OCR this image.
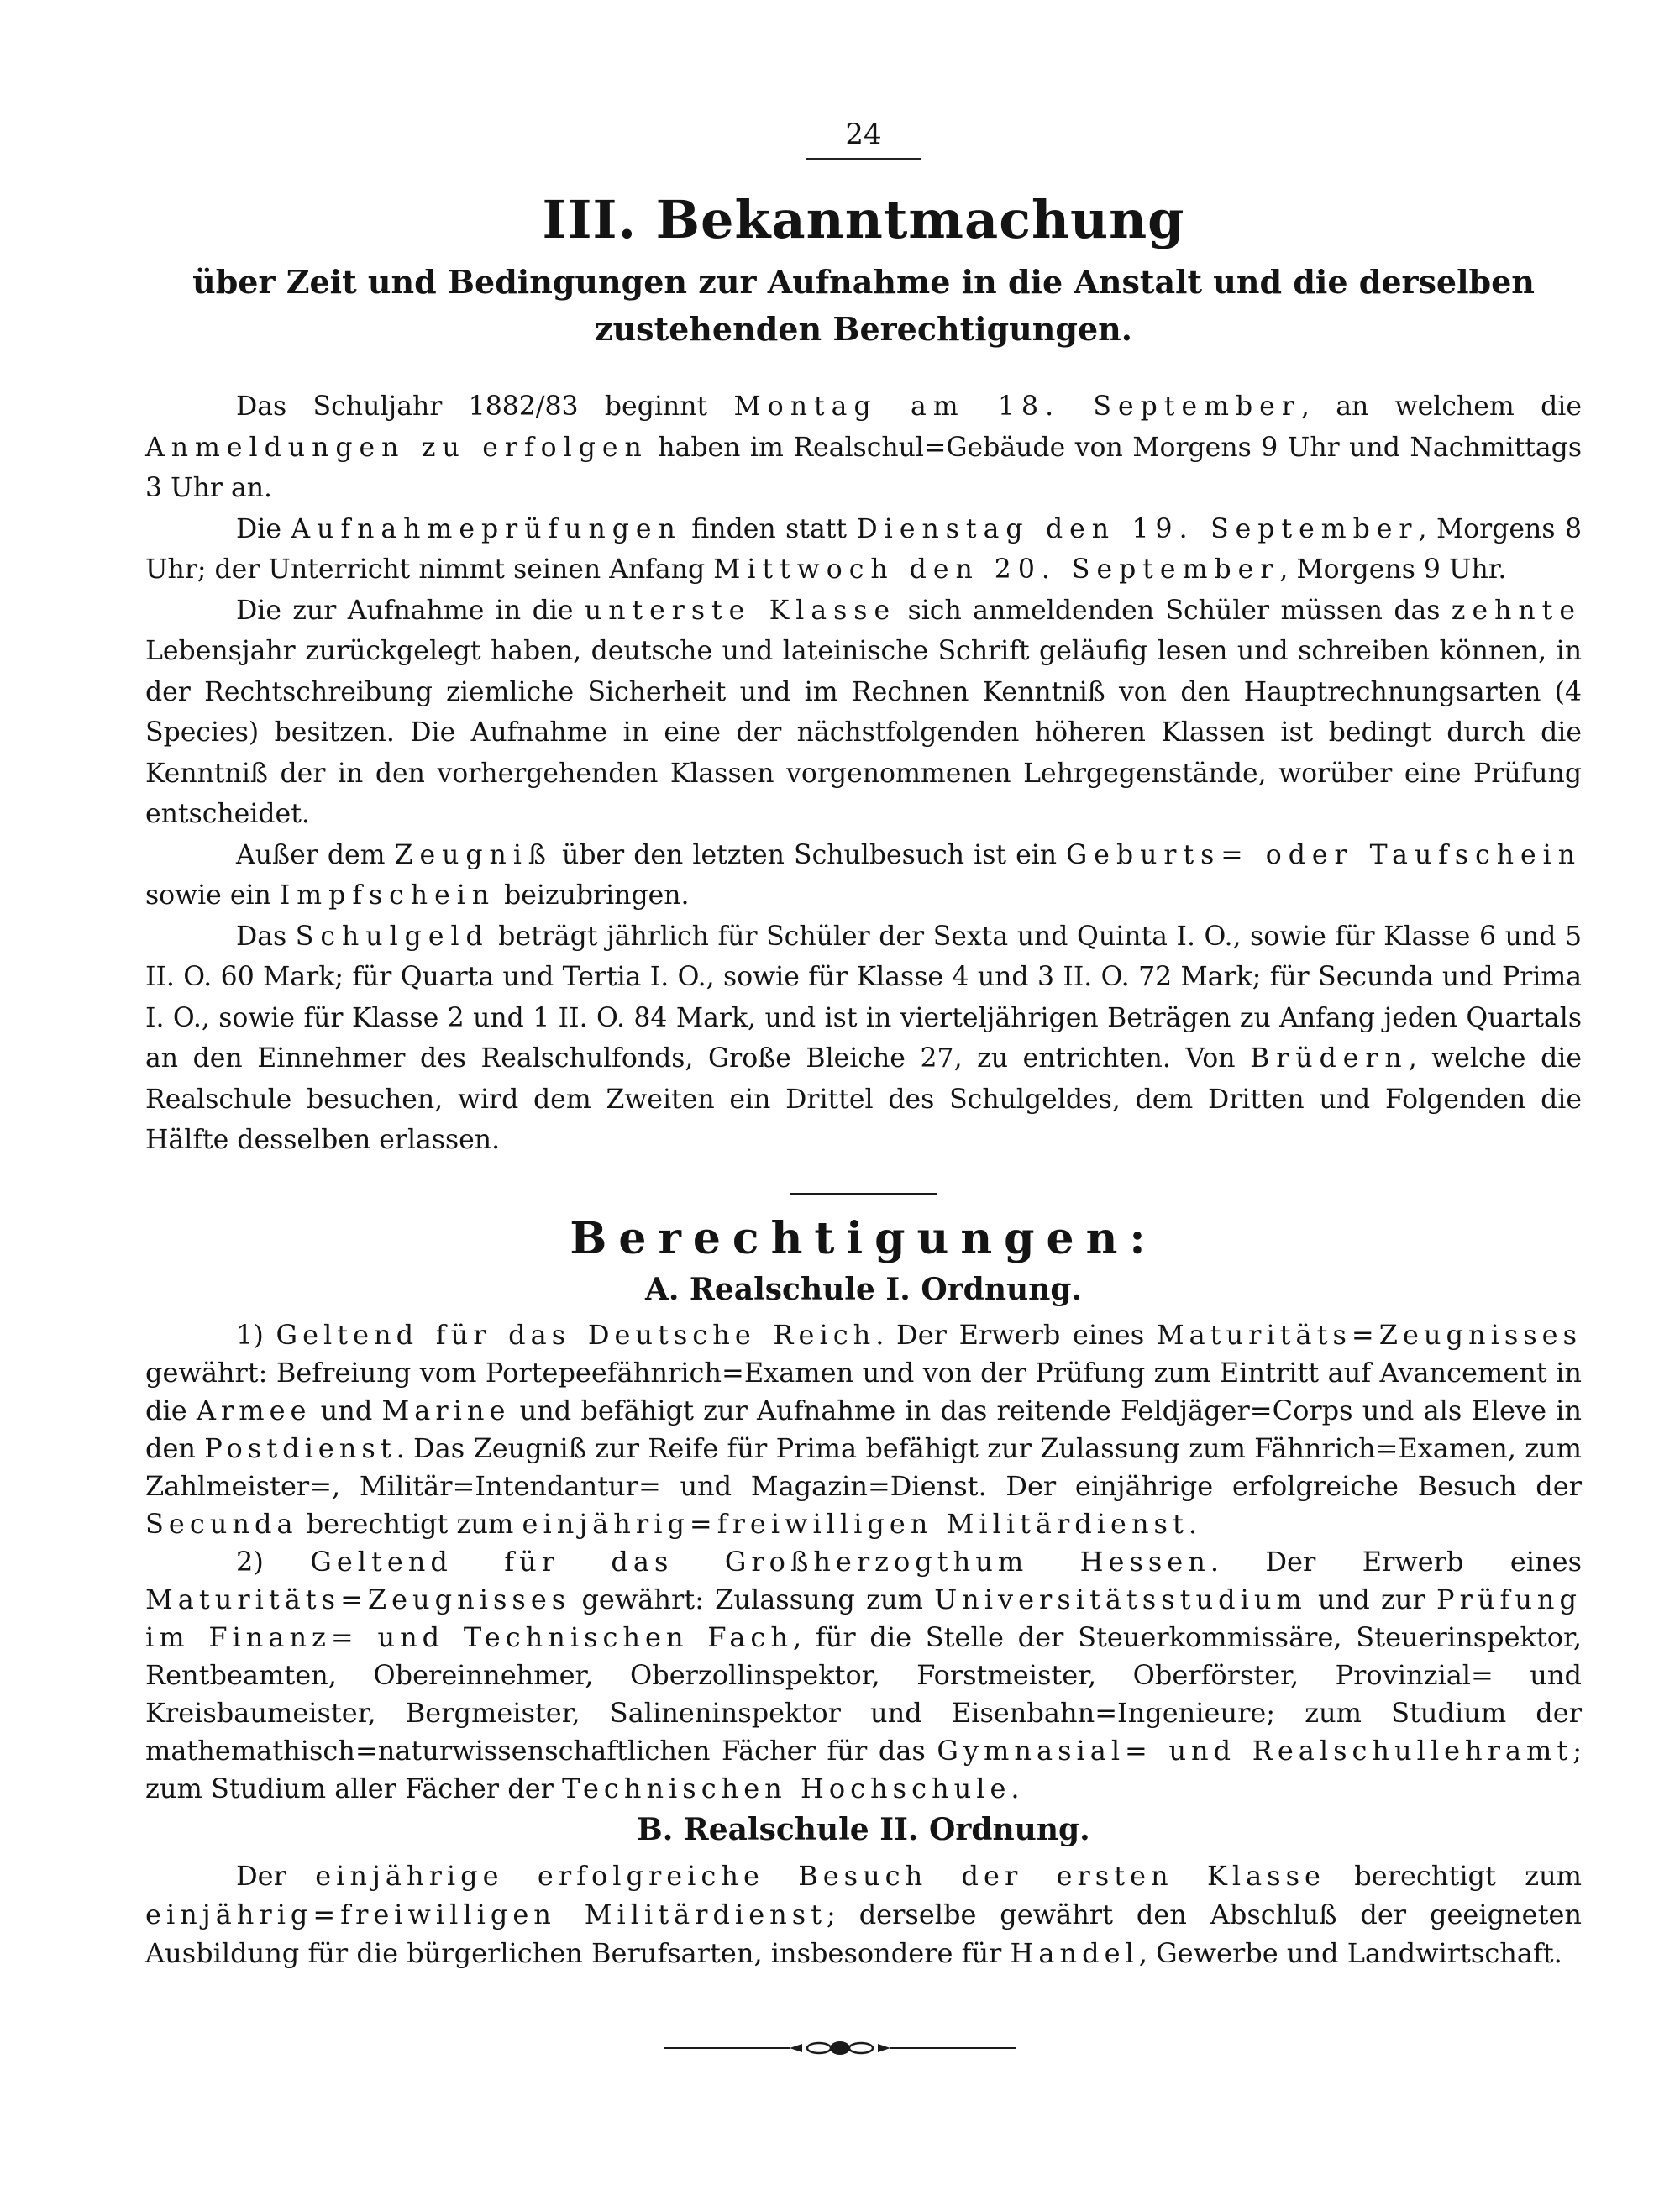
24
III. Bekanntmachung
über Zeit und Bedingungen zur Aufnahme in die Anstalt und die derselben zustehenden Berechtigungen.

Das Schuljahr 1882/83 beginnt Montag am 18. September, an welchem die Anmeldungen zu erfolgen haben im Realschul=Gebäude von Morgens 9 Uhr und Nachmittags 3 Uhr an.

Die Aufnahmeprüfungen finden statt Dienstag den 19. September, Morgens 8 Uhr; der Unterricht nimmt seinen Anfang Mittwoch den 20. September, Morgens 9 Uhr.

Die zur Aufnahme in die unterste Klasse sich anmeldenden Schüler müssen das zehnte Lebensjahr zurückgelegt haben, deutsche und lateinische Schrift geläufig lesen und schreiben können, in der Rechtschreibung ziemliche Sicherheit und im Rechnen Kenntniß von den Hauptrechnungsarten (4 Species) besitzen. Die Aufnahme in eine der nächstfolgenden höheren Klassen ist bedingt durch die Kenntniß der in den vorhergehenden Klassen vorgenommenen Lehrgegenstände, worüber eine Prüfung entscheidet.

Außer dem Zeugniß über den letzten Schulbesuch ist ein Geburts= oder Taufschein sowie ein Impfschein beizubringen.

Das Schulgeld beträgt jährlich für Schüler der Sexta und Quinta I. O., sowie für Klasse 6 und 5 II. O. 60 Mark; für Quarta und Tertia I. O., sowie für Klasse 4 und 3 II. O. 72 Mark; für Secunda und Prima I. O., sowie für Klasse 2 und 1 II. O. 84 Mark, und ist in vierteljährigen Beträgen zu Anfang jeden Quartals an den Einnehmer des Realschulfonds, Große Bleiche 27, zu entrichten. Von Brüdern, welche die Realschule besuchen, wird dem Zweiten ein Drittel des Schulgeldes, dem Dritten und Folgenden die Hälfte desselben erlassen.

Berechtigungen:
A. Realschule I. Ordnung.

1) Geltend für das Deutsche Reich. Der Erwerb eines Maturitäts=Zeugnisses gewährt: Befreiung vom Portepeefähnrich=Examen und von der Prüfung zum Eintritt auf Avancement in die Armee und Marine und befähigt zur Aufnahme in das reitende Feldjäger=Corps und als Eleve in den Postdienst. Das Zeugniß zur Reife für Prima befähigt zur Zulassung zum Fähnrich=Examen, zum Zahlmeister=, Militär=Intendantur= und Magazin=Dienst. Der einjährige erfolgreiche Besuch der Secunda berechtigt zum einjährig=freiwilligen Militärdienst.

2) Geltend für das Großherzogthum Hessen. Der Erwerb eines Maturitäts=Zeugnisses gewährt: Zulassung zum Universitätsstudium und zur Prüfung im Finanz= und Technischen Fach, für die Stelle der Steuerkommissäre, Steuerinspektor, Rentbeamten, Obereinnehmer, Oberzollinspektor, Forstmeister, Oberförster, Provinzial= und Kreisbaumeister, Bergmeister, Salineninspektor und Eisenbahn=Ingenieure; zum Studium der mathemathisch=naturwissenschaftlichen Fächer für das Gymnasial= und Realschullehramt; zum Studium aller Fächer der Technischen Hochschule.

B. Realschule II. Ordnung.

Der einjährige erfolgreiche Besuch der ersten Klasse berechtigt zum einjährig=freiwilligen Militärdienst; derselbe gewährt den Abschluß der geeigneten Ausbildung für die bürgerlichen Berufsarten, insbesondere für Handel, Gewerbe und Landwirtschaft.
